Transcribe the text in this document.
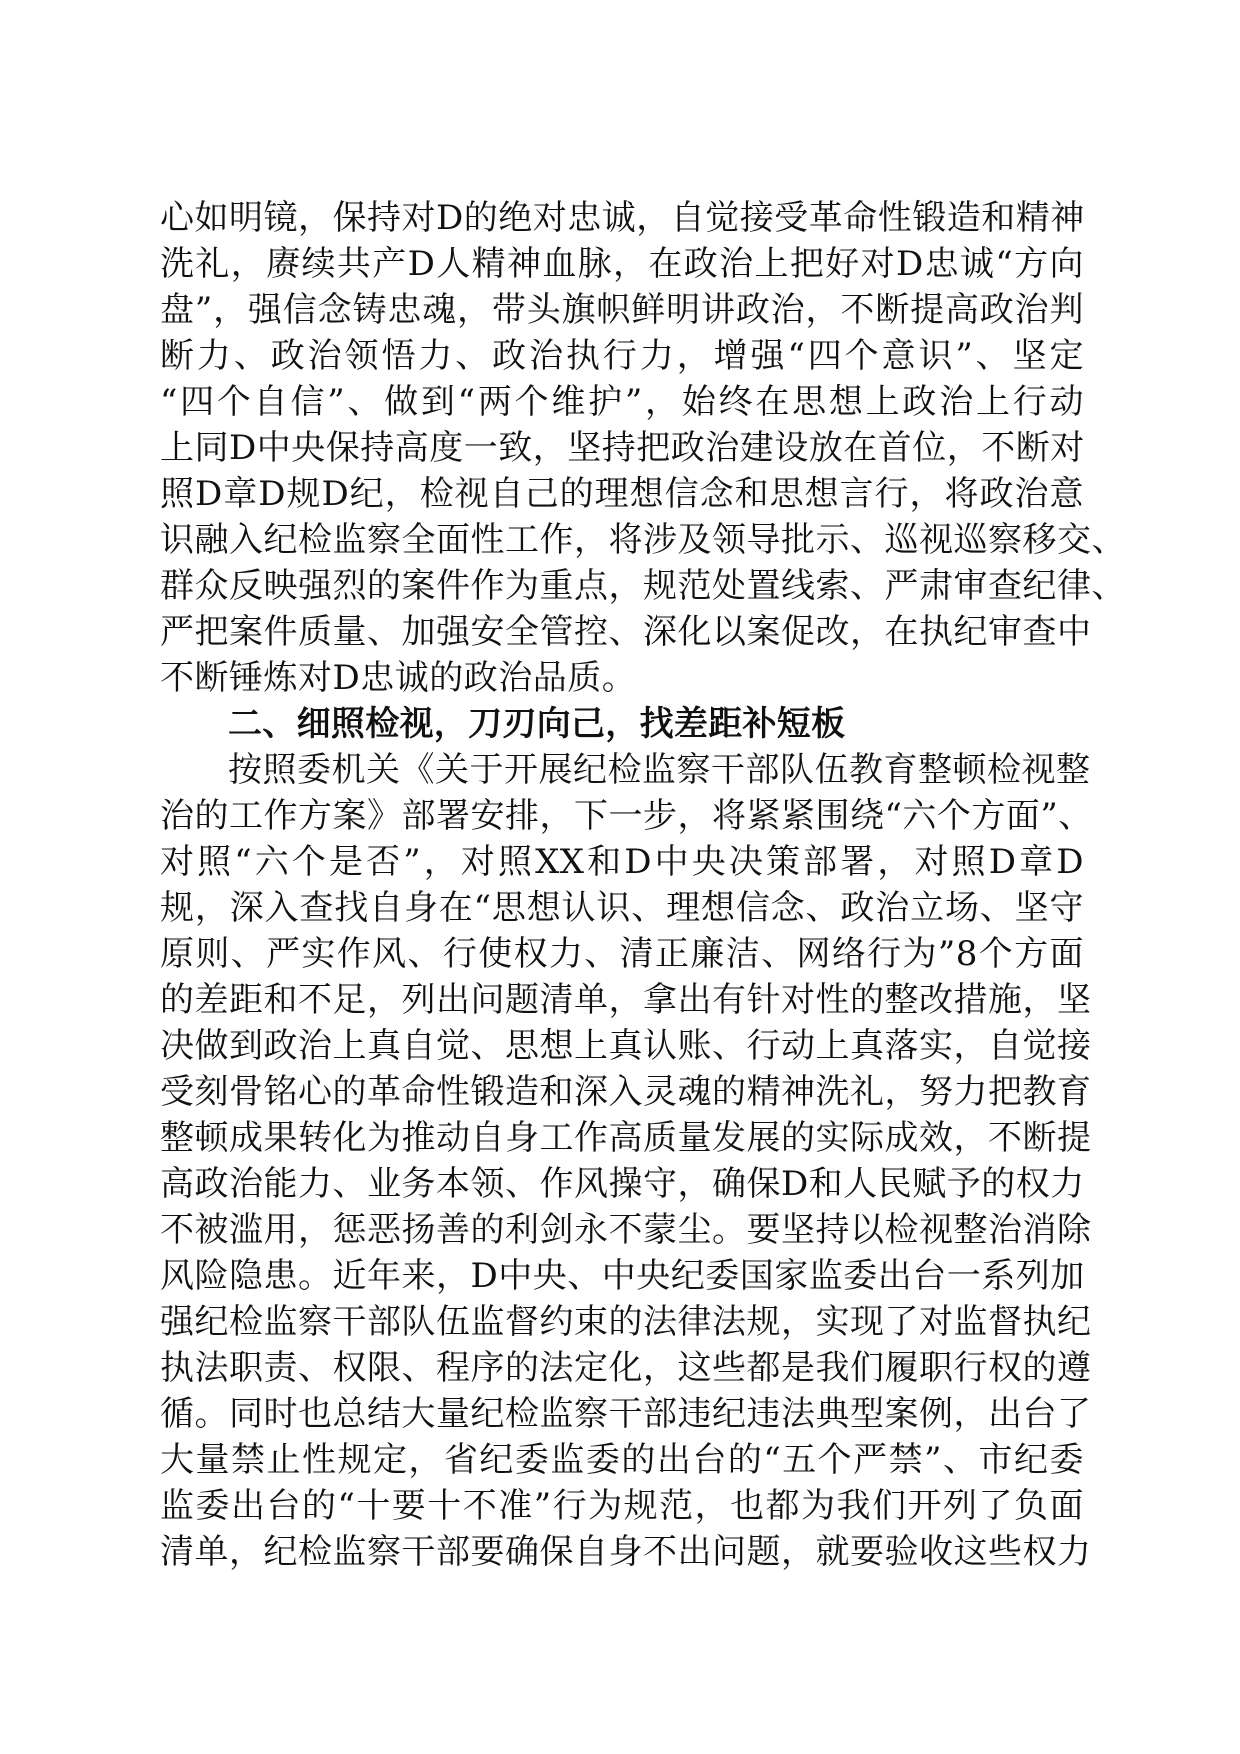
心如明镜，保持对D的绝对忠诚，自觉接受革命性锻造和精神
洗礼，赓续共产D人精神血脉，在政治上把好对D忠诚“方向
盘”，强信念铸忠魂，带头旗帜鲜明讲政治，不断提高政治判
断力、政治领悟力、政治执行力，增强“四个意识”、坚定
“四个自信”、做到“两个维护”，始终在思想上政治上行动
上同D中央保持高度一致，坚持把政治建设放在首位，不断对
照D章D规D纪，检视自己的理想信念和思想言行，将政治意
识融入纪检监察全面性工作，将涉及领导批示、巡视巡察移交、
群众反映强烈的案件作为重点，规范处置线索、严肃审查纪律、
严把案件质量、加强安全管控、深化以案促改，在执纪审查中
不断锤炼对D忠诚的政治品质。
二、细照检视，刀刃向己，找差距补短板
按照委机关《关于开展纪检监察干部队伍教育整顿检视整
治的工作方案》部署安排，下一步，将紧紧围绕“六个方面”、
对照“六个是否”，对照XX和D中央决策部署，对照D章D
规，深入查找自身在“思想认识、理想信念、政治立场、坚守
原则、严实作风、行使权力、清正廉洁、网络行为”8个方面
的差距和不足，列出问题清单，拿出有针对性的整改措施，坚
决做到政治上真自觉、思想上真认账、行动上真落实，自觉接
受刻骨铭心的革命性锻造和深入灵魂的精神洗礼，努力把教育
整顿成果转化为推动自身工作高质量发展的实际成效，不断提
高政治能力、业务本领、作风操守，确保D和人民赋予的权力
不被滥用，惩恶扬善的利剑永不蒙尘。要坚持以检视整治消除
风险隐患。近年来，D中央、中央纪委国家监委出台一系列加
强纪检监察干部队伍监督约束的法律法规，实现了对监督执纪
执法职责、权限、程序的法定化，这些都是我们履职行权的遵
循。同时也总结大量纪检监察干部违纪违法典型案例，出台了
大量禁止性规定，省纪委监委的出台的“五个严禁”、市纪委
监委出台的“十要十不准”行为规范，也都为我们开列了负面
清单，纪检监察干部要确保自身不出问题，就要验收这些权力
